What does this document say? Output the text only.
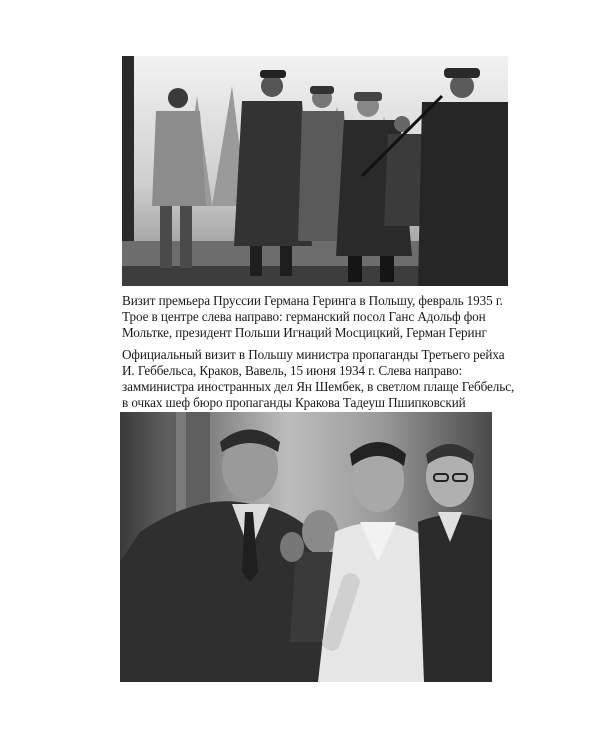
Визит премьера Пруссии Германа Геринга в Польшу, февраль 1935 г.
Трое в центре слева направо: германский посол Ганс Адольф фон
Мольтке, президент Польши Игнаций Мосцицкий, Герман Геринг

Официальный визит в Польшу министра пропаганды Третьего рейха
И. Геббельса, Краков, Вавель, 15 июня 1934 г. Слева направо:
замминистра иностранных дел Ян Шембек, в светлом плаще Геббельс,
в очках шеф бюро пропаганды Кракова Тадеуш Пшипковский
